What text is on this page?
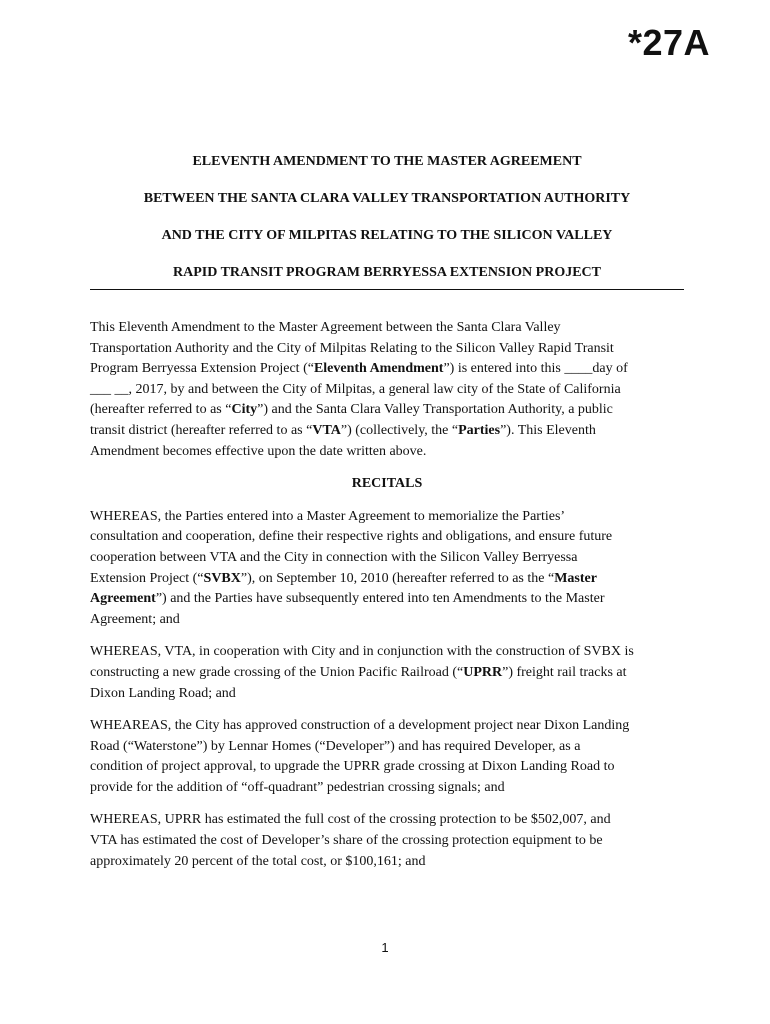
*27A
ELEVENTH AMENDMENT TO THE MASTER AGREEMENT
BETWEEN THE SANTA CLARA VALLEY TRANSPORTATION AUTHORITY
AND THE CITY OF MILPITAS RELATING TO THE SILICON VALLEY
RAPID TRANSIT PROGRAM BERRYESSA EXTENSION PROJECT
This Eleventh Amendment to the Master Agreement between the Santa Clara Valley
Transportation Authority and the City of Milpitas Relating to the Silicon Valley Rapid Transit
Program Berryessa Extension Project (“Eleventh Amendment”) is entered into this ____day of
___ __, 2017, by and between the City of Milpitas, a general law city of the State of California
(hereafter referred to as “City”) and the Santa Clara Valley Transportation Authority, a public
transit district (hereafter referred to as “VTA”) (collectively, the “Parties”). This Eleventh
Amendment becomes effective upon the date written above.
RECITALS
WHEREAS, the Parties entered into a Master Agreement to memorialize the Parties’
consultation and cooperation, define their respective rights and obligations, and ensure future
cooperation between VTA and the City in connection with the Silicon Valley Berryessa
Extension Project (“SVBX”), on September 10, 2010 (hereafter referred to as the “Master
Agreement”) and the Parties have subsequently entered into ten Amendments to the Master
Agreement; and
WHEREAS, VTA, in cooperation with City and in conjunction with the construction of SVBX is
constructing a new grade crossing of the Union Pacific Railroad (“UPRR”) freight rail tracks at
Dixon Landing Road; and
WHEAREAS, the City has approved construction of a development project near Dixon Landing
Road (“Waterstone”) by Lennar Homes (“Developer”) and has required Developer, as a
condition of project approval, to upgrade the UPRR grade crossing at Dixon Landing Road to
provide for the addition of “off-quadrant” pedestrian crossing signals; and
WHEREAS, UPRR has estimated the full cost of the crossing protection to be $502,007, and
VTA has estimated the cost of Developer’s share of the crossing protection equipment to be
approximately 20 percent of the total cost, or $100,161; and
1
